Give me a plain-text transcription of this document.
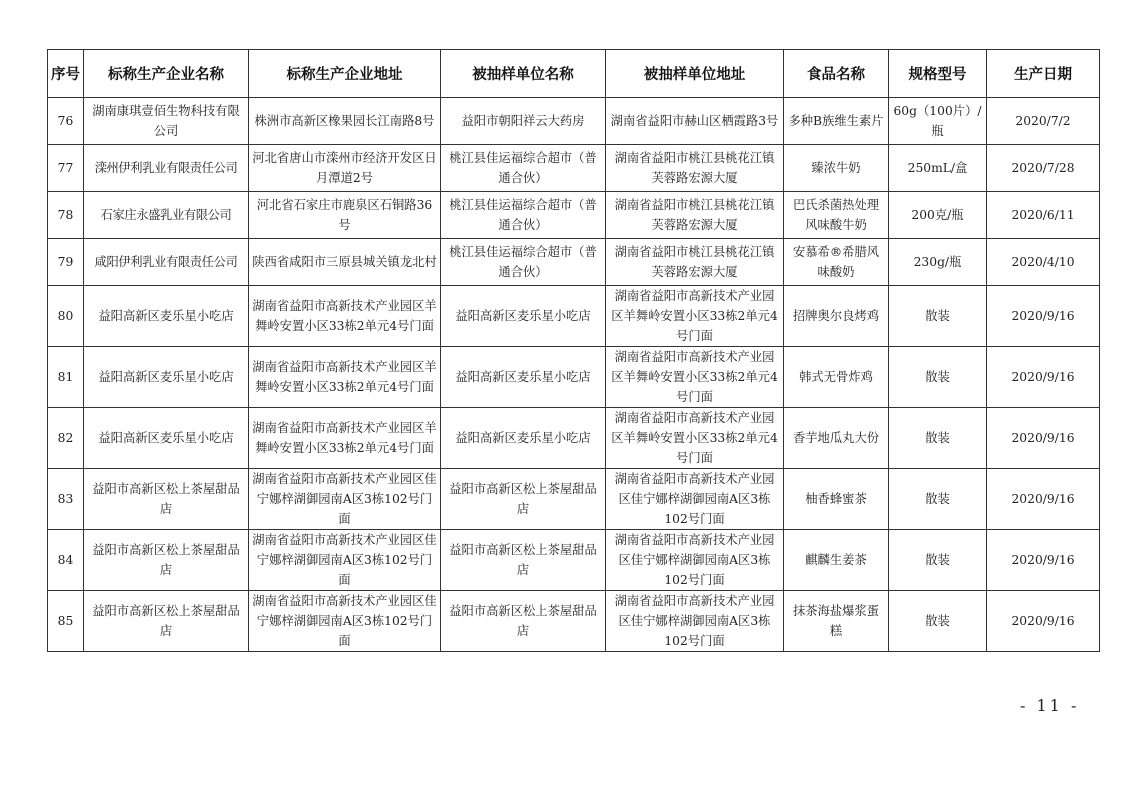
序号	标称生产企业名称	标称生产企业地址	被抽样单位名称	被抽样单位地址	食品名称	规格型号	生产日期
76	湖南康琪壹佰生物科技有限公司	株洲市高新区橡果园长江南路8号	益阳市朝阳祥云大药房	湖南省益阳市赫山区栖霞路3号	多种B族维生素片	60g（100片）/瓶	2020/7/2
77	滦州伊利乳业有限责任公司	河北省唐山市滦州市经济开发区日月潭道2号	桃江县佳运福综合超市（普通合伙）	湖南省益阳市桃江县桃花江镇芙蓉路宏源大厦	臻浓牛奶	250mL/盒	2020/7/28
78	石家庄永盛乳业有限公司	河北省石家庄市鹿泉区石铜路36号	桃江县佳运福综合超市（普通合伙）	湖南省益阳市桃江县桃花江镇芙蓉路宏源大厦	巴氏杀菌热处理风味酸牛奶	200克/瓶	2020/6/11
79	咸阳伊利乳业有限责任公司	陕西省咸阳市三原县城关镇龙北村	桃江县佳运福综合超市（普通合伙）	湖南省益阳市桃江县桃花江镇芙蓉路宏源大厦	安慕希®希腊风味酸奶	230g/瓶	2020/4/10
80	益阳高新区麦乐星小吃店	湖南省益阳市高新技术产业园区羊舞岭安置小区33栋2单元4号门面	益阳高新区麦乐星小吃店	湖南省益阳市高新技术产业园区羊舞岭安置小区33栋2单元4号门面	招牌奥尔良烤鸡	散装	2020/9/16
81	益阳高新区麦乐星小吃店	湖南省益阳市高新技术产业园区羊舞岭安置小区33栋2单元4号门面	益阳高新区麦乐星小吃店	湖南省益阳市高新技术产业园区羊舞岭安置小区33栋2单元4号门面	韩式无骨炸鸡	散装	2020/9/16
82	益阳高新区麦乐星小吃店	湖南省益阳市高新技术产业园区羊舞岭安置小区33栋2单元4号门面	益阳高新区麦乐星小吃店	湖南省益阳市高新技术产业园区羊舞岭安置小区33栋2单元4号门面	香芋地瓜丸大份	散装	2020/9/16
83	益阳市高新区松上茶屋甜品店	湖南省益阳市高新技术产业园区佳宁娜梓湖御园南A区3栋102号门面	益阳市高新区松上茶屋甜品店	湖南省益阳市高新技术产业园区佳宁娜梓湖御园南A区3栋102号门面	柚香蜂蜜茶	散装	2020/9/16
84	益阳市高新区松上茶屋甜品店	湖南省益阳市高新技术产业园区佳宁娜梓湖御园南A区3栋102号门面	益阳市高新区松上茶屋甜品店	湖南省益阳市高新技术产业园区佳宁娜梓湖御园南A区3栋102号门面	麒麟生姜茶	散装	2020/9/16
85	益阳市高新区松上茶屋甜品店	湖南省益阳市高新技术产业园区佳宁娜梓湖御园南A区3栋102号门面	益阳市高新区松上茶屋甜品店	湖南省益阳市高新技术产业园区佳宁娜梓湖御园南A区3栋102号门面	抹茶海盐爆浆蛋糕	散装	2020/9/16
- 11 -
